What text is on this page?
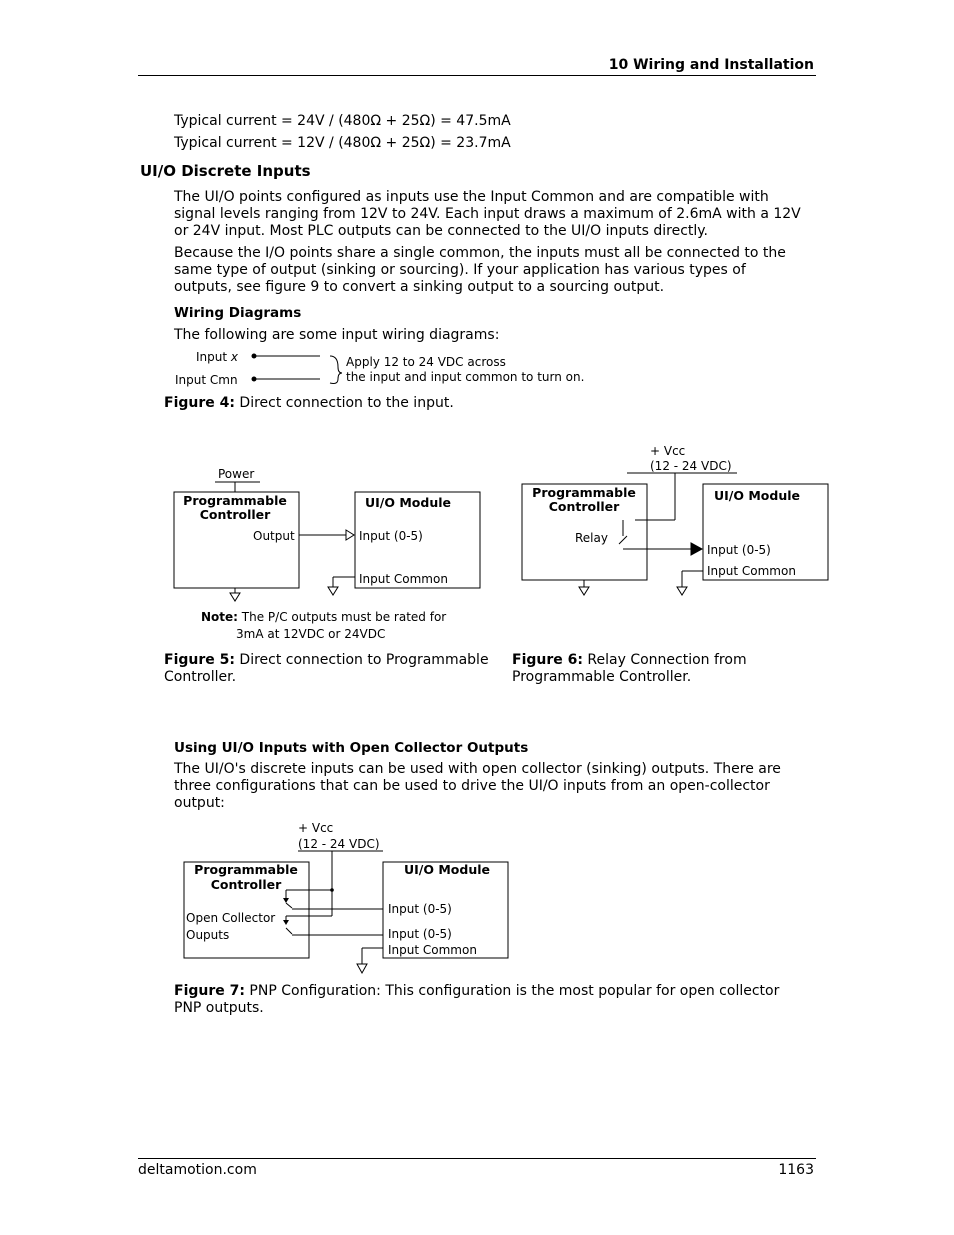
10 Wiring and Installation
Typical current = 24V / (480Ω + 25Ω) = 47.5mA
Typical current = 12V / (480Ω + 25Ω) = 23.7mA
UI/O Discrete Inputs
The UI/O points configured as inputs use the Input Common and are compatible with signal levels ranging from 12V to 24V. Each input draws a maximum of 2.6mA with a 12V or 24V input. Most PLC outputs can be connected to the UI/O inputs directly.
Because the I/O points share a single common, the inputs must all be connected to the same type of output (sinking or sourcing). If your application has various types of outputs, see figure 9 to convert a sinking output to a sourcing output.
Wiring Diagrams
The following are some input wiring diagrams:
Input x
Input Cmn
Apply 12 to 24 VDC across
the input and input common to turn on.
Figure 4: Direct connection to the input.
Power
Programmable
Controller
Output
UI/O Module
Input (0-5)
Input Common
Note: The P/C outputs must be rated for
3mA at 12VDC or 24VDC
Figure 5: Direct connection to Programmable
Controller.
+ Vcc
(12 - 24 VDC)
Programmable
Controller
Relay
UI/O Module
Input (0-5)
Input Common
Figure 6: Relay Connection from
Programmable Controller.
Using UI/O Inputs with Open Collector Outputs
The UI/O's discrete inputs can be used with open collector (sinking) outputs. There are three configurations that can be used to drive the UI/O inputs from an open-collector output:
+ Vcc
(12 - 24 VDC)
Programmable
Controller
Open Collector
Ouputs
UI/O Module
Input (0-5)
Input (0-5)
Input Common
Figure 7: PNP Configuration: This configuration is the most popular for open collector PNP outputs.
deltamotion.com	1163
